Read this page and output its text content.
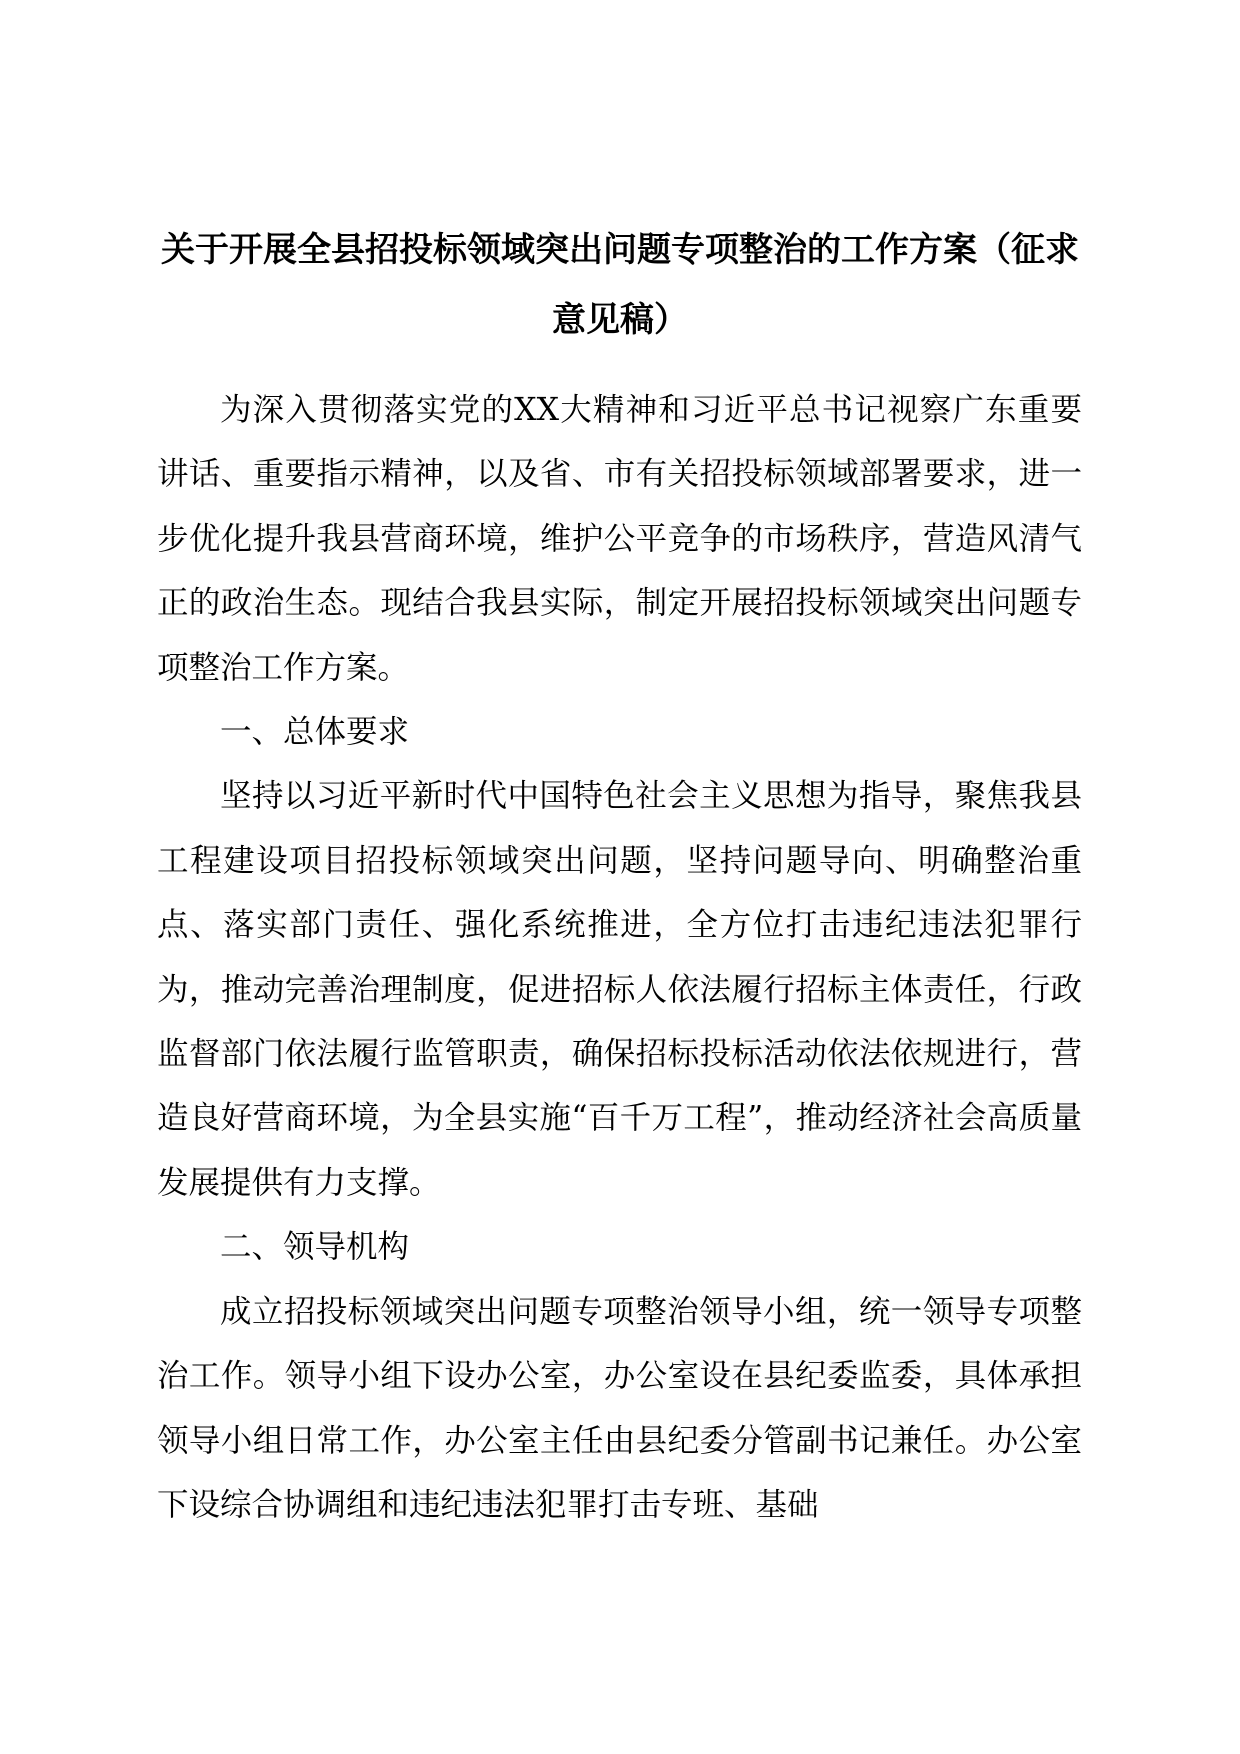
关于开展全县招投标领域突出问题专项整治的工作方案（征求意见稿）

为深入贯彻落实党的XX大精神和习近平总书记视察广东重要讲话、重要指示精神，以及省、市有关招投标领域部署要求，进一步优化提升我县营商环境，维护公平竞争的市场秩序，营造风清气正的政治生态。现结合我县实际，制定开展招投标领域突出问题专项整治工作方案。

一、总体要求

坚持以习近平新时代中国特色社会主义思想为指导，聚焦我县工程建设项目招投标领域突出问题，坚持问题导向、明确整治重点、落实部门责任、强化系统推进，全方位打击违纪违法犯罪行为，推动完善治理制度，促进招标人依法履行招标主体责任，行政监督部门依法履行监管职责，确保招标投标活动依法依规进行，营造良好营商环境，为全县实施“百千万工程”，推动经济社会高质量发展提供有力支撑。

二、领导机构

成立招投标领域突出问题专项整治领导小组，统一领导专项整治工作。领导小组下设办公室，办公室设在县纪委监委，具体承担领导小组日常工作，办公室主任由县纪委分管副书记兼任。办公室下设综合协调组和违纪违法犯罪打击专班、基础
